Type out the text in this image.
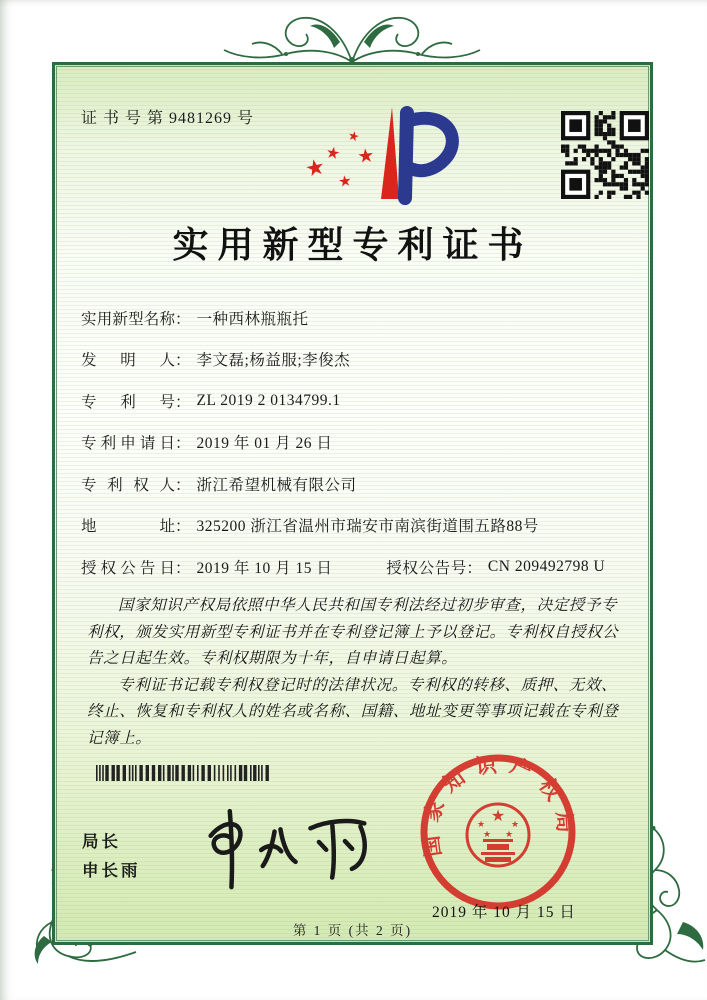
证 书 号 第 9481269 号
★
★
★
★
★
实用新型专利证书
实用新型名称 ： 一种西林瓶瓶托
发明人 ： 李文磊;杨益服;李俊杰
专利号 ： ZL 2019 2 0134799.1
专利申请日 ： 2019 年 01 月 26 日
专利权人 ： 浙江希望机械有限公司
地址 ： 325200 浙江省温州市瑞安市南滨街道围五路88号
授权公告日 ： 2019 年 10 月 15 日	授权公告号 ： CN 209492798 U

国家知识产权局依照中华人民共和国专利法经过初步审查，决定授予专利权，颁发实用新型专利证书并在专利登记簿上予以登记。专利权自授权公告之日起生效。专利权期限为十年，自申请日起算。

专利证书记载专利权登记时的法律状况。专利权的转移、质押、无效、终止、恢复和专利权人的姓名或名称、国籍、地址变更等事项记载在专利登记簿上。

局长
申长雨
国家知识产权局
★
★	★
★ ★
2019 年 10 月 15 日
第 1 页 (共 2 页)
